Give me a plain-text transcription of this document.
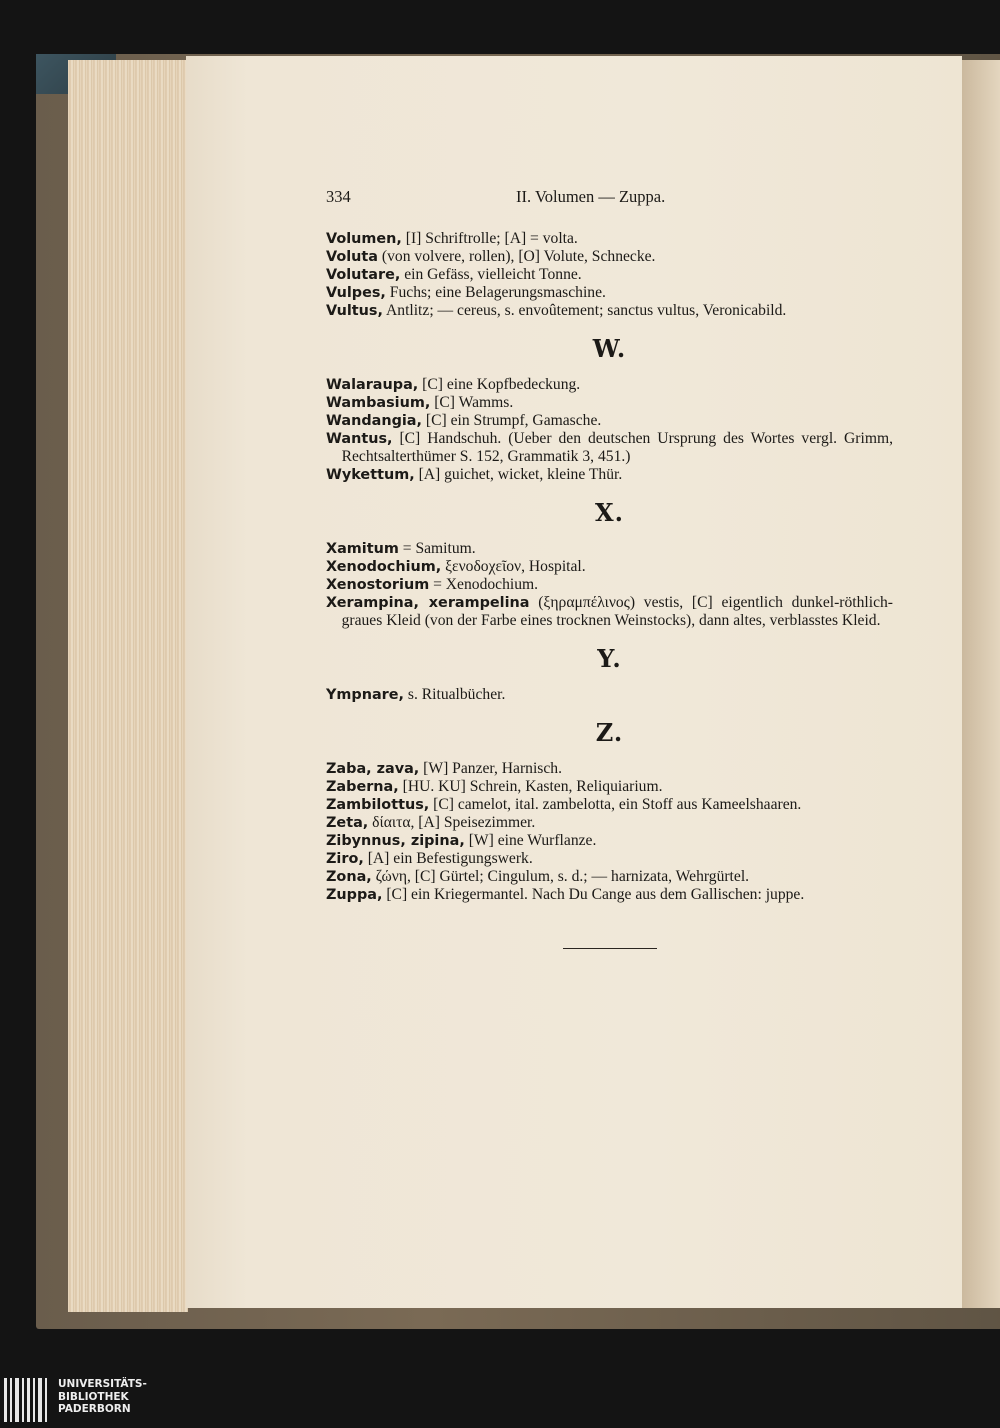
334	II. Volumen — Zuppa.

Volumen, [I] Schriftrolle; [A] = volta.

Voluta (von volvere, rollen), [O] Volute, Schnecke.

Volutare, ein Gefäss, vielleicht Tonne.

Vulpes, Fuchs; eine Belagerungsmaschine.

Vultus, Antlitz; — cereus, s. envoûtement; sanctus vultus, Veronicabild.

W.

Walaraupa, [C] eine Kopfbedeckung.

Wambasium, [C] Wamms.

Wandangia, [C] ein Strumpf, Gamasche.

Wantus, [C] Handschuh. (Ueber den deutschen Ursprung des Wortes vergl. Grimm, Rechtsalterthümer S. 152, Grammatik 3, 451.)

Wykettum, [A] guichet, wicket, kleine Thür.

X.

Xamitum = Samitum.

Xenodochium, ξενοδοχεῖον, Hospital.

Xenostorium = Xenodochium.

Xerampina, xerampelina (ξηραμπέλινος) vestis, [C] eigentlich dunkel-röthlich-graues Kleid (von der Farbe eines trocknen Weinstocks), dann altes, verblasstes Kleid.

Y.

Ympnare, s. Ritualbücher.

Z.

Zaba, zava, [W] Panzer, Harnisch.

Zaberna, [HU. KU] Schrein, Kasten, Reliquiarium.

Zambilottus, [C] camelot, ital. zambelotta, ein Stoff aus Kameelshaaren.

Zeta, δίαιτα, [A] Speisezimmer.

Zibynnus, zipina, [W] eine Wurflanze.

Ziro, [A] ein Befestigungswerk.

Zona, ζώνη, [C] Gürtel; Cingulum, s. d.; — harnizata, Wehrgürtel.

Zuppa, [C] ein Kriegermantel. Nach Du Cange aus dem Gallischen: juppe.

UNIVERSITÄTS-
BIBLIOTHEK
PADERBORN
